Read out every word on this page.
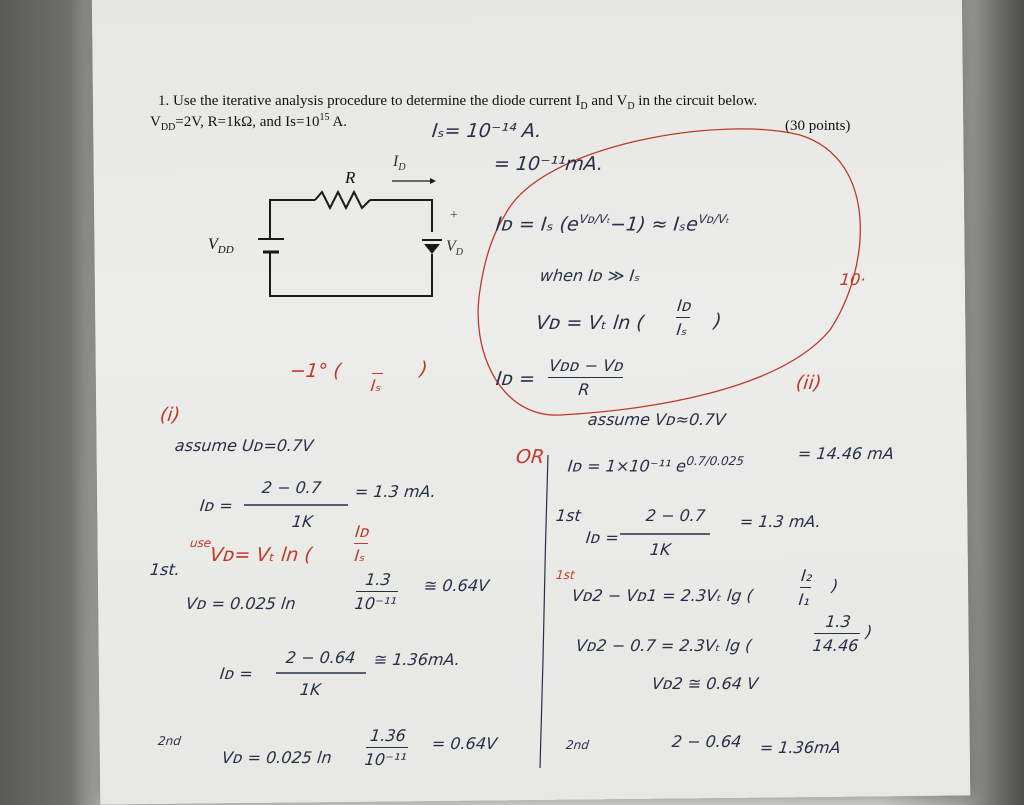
1. Use the iterative analysis procedure to determine the diode current $I_D$ and $V_D$ in the circuit below.
$V_{DD}=2V$, R=1kΩ, and $Is=10^{15}$ A.	(30 points)
R
$V_{DD}$
$I_D$
$V_D$
+
Iₛ= 10⁻¹⁴ A.
= 10⁻¹¹mA.
Iᴅ = Iₛ $(e^{Vᴅ/V_t}-1) \approx I_se^{Vᴅ/V_t}$
when Iᴅ ≫ Iₛ
Vᴅ = Vₜ ln (
Iᴅ
Iₛ )
Iᴅ =
Vᴅᴅ − Vᴅ
R
10·
−1° (
Iₛ
)
(i)
(ii)
OR
assume Uᴅ=0.7V
Iᴅ =
2 − 0.7
1K
= 1.3 mA.
use
1st.
Vᴅ= Vₜ ln (
Iᴅ
Iₛ
Vᴅ = 0.025 ln
1.3
10⁻¹¹
≅ 0.64V
Iᴅ =
2 − 0.64
1K
≅ 1.36mA.
2nd
Vᴅ = 0.025 ln
1.36
10⁻¹¹
= 0.64V
assume Vᴅ≈0.7V
Iᴅ = 1×10⁻¹¹ $e^{0.7/0.025}$	= 14.46 mA
1st
Iᴅ =
2 − 0.7
1K
= 1.3 mA.
1st
Vᴅ2 − Vᴅ1 = 2.3Vₜ lg (
I₂
I₁
)
Vᴅ2 − 0.7 = 2.3Vₜ lg (
1.3
14.46
)
Vᴅ2 ≅ 0.64 V
2nd	2 − 0.64 = 1.36mA
